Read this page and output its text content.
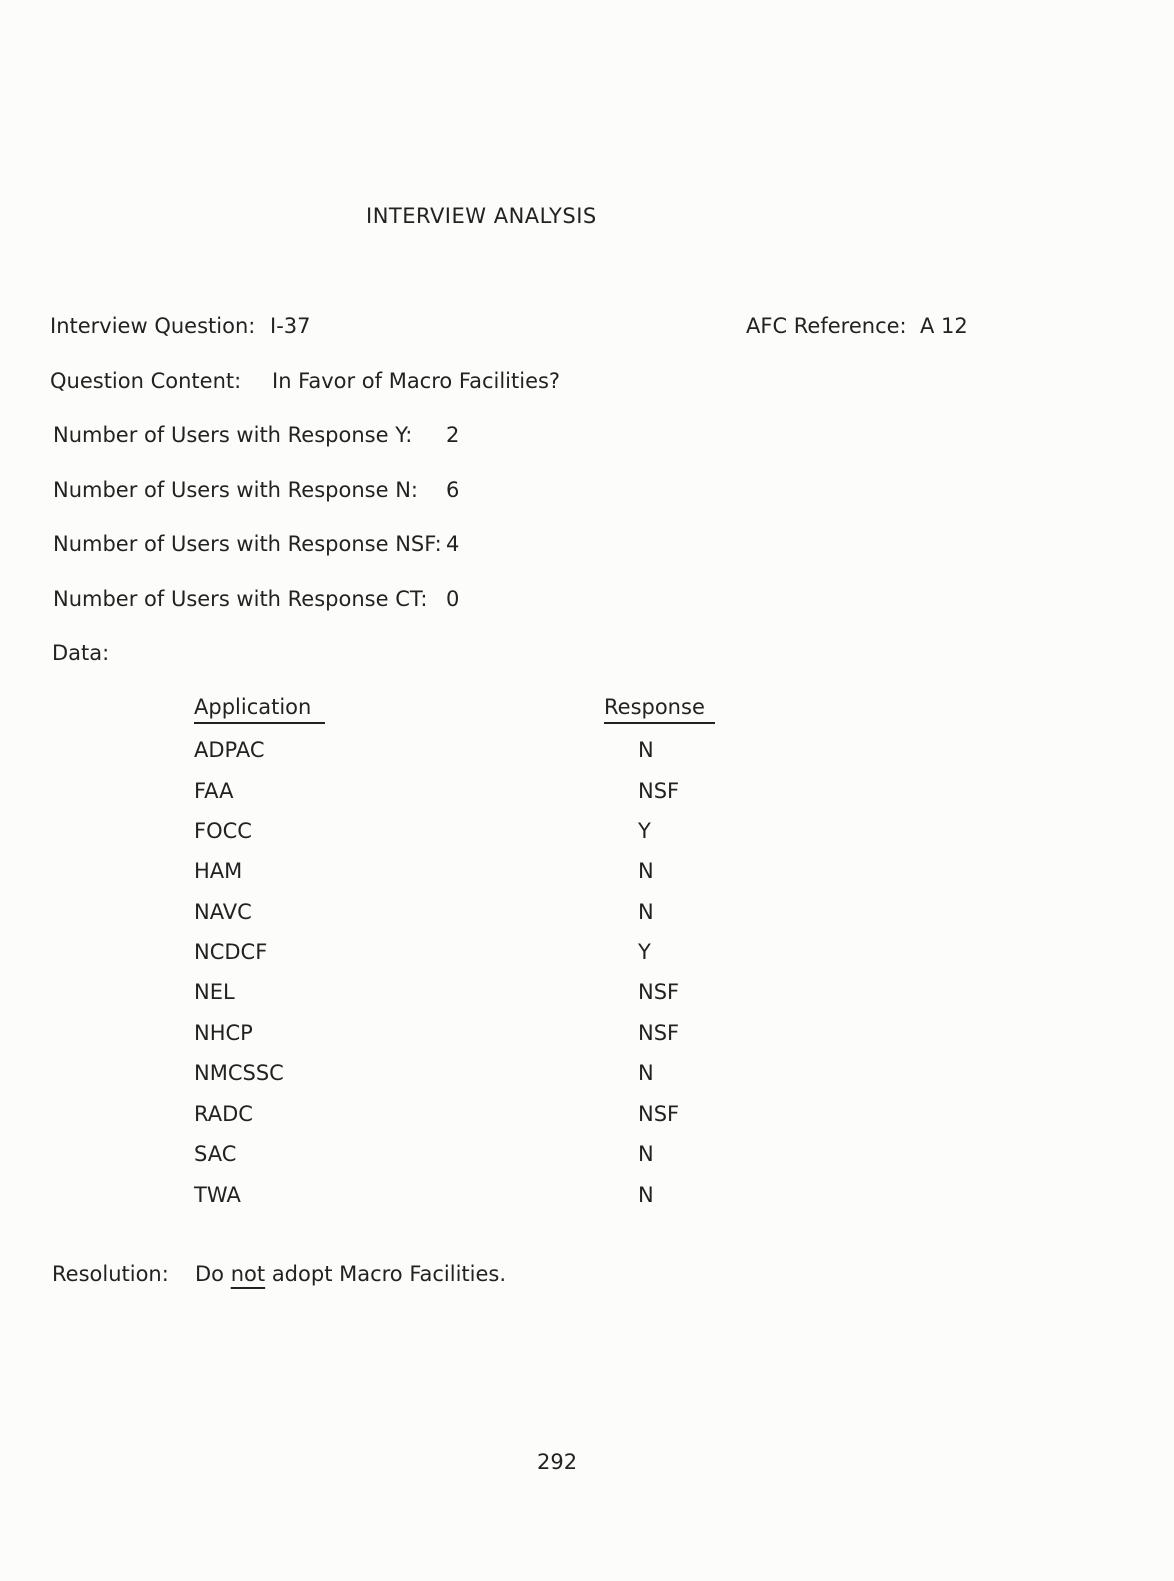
INTERVIEW ANALYSIS
Interview Question: I-37	AFC Reference: A 12
Question Content: In Favor of Macro Facilities?
Number of Users with Response Y: 2
Number of Users with Response N: 6
Number of Users with Response NSF: 4
Number of Users with Response CT: 0
Data:
Application	Response
ADPAC	N
FAA	NSF
FOCC	Y
HAM	N
NAVC	N
NCDCF	Y
NEL	NSF
NHCP	NSF
NMCSSC	N
RADC	NSF
SAC	N
TWA	N
Resolution: Do not adopt Macro Facilities.
292
